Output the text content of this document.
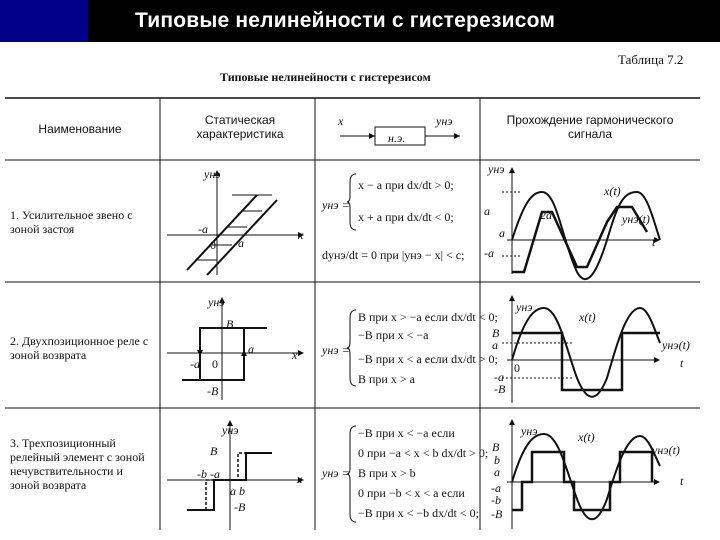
Типовые нелинейности с гистерезисом
Таблица 7.2
Типовые нелинейности с гистерезисом
Наименование
Статическая характеристика
Прохождение гармонического сигнала
x
н.э.
yнэ
1. Усилительное звено с зоной застоя
yнэ
x
-a
0 a
yнэ =
x − a при dx/dt > 0;
x + a при dx/dt < 0;
dyнэ/dt = 0 при |yнэ − x| < c;
yнэ
x(t)
yнэ(t)
t
a
-a
2a
a
2. Двухпозиционное реле с зоной возврата
yнэ
x
B
a
-a 0
-B
yнэ =
B при x > −a если dx/dt < 0;
−B при x < −a
−B при x < a если dx/dt > 0;
B при x > a
yнэ
x(t)
yнэ(t)
t
B
a
-a
-B
0
3. Трехпозиционный релейный элемент с зоной нечувствительности и зоной возврата
yнэ
x
B
-b -a
a b
-B
yнэ =
−B при x < −a если
0 при −a < x < b dx/dt > 0;
B при x > b
0 при −b < x < a если
−B при x < −b dx/dt < 0;
yнэ	x(t)
yнэ(t)
t
B
b
a
-a
-b
-B
